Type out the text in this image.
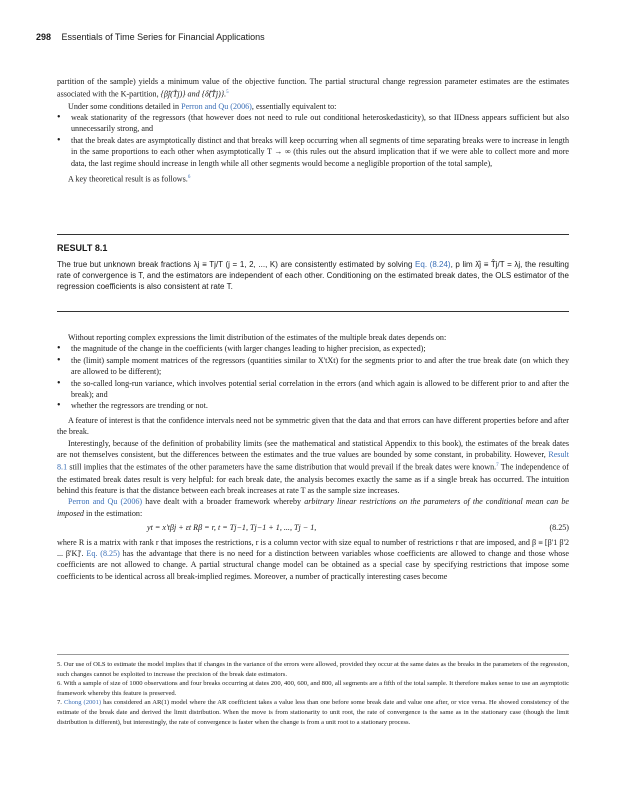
298 Essentials of Time Series for Financial Applications

partition of the sample) yields a minimum value of the objective function. The partial structural change regression parameter estimates are the estimates associated with the K-partition, {β̂j(T̂j)} and {δ̂(T̂j)}.$^5$

Under some conditions detailed in Perron and Qu (2006), essentially equivalent to:

• weak stationarity of the regressors (that however does not need to rule out conditional heteroskedasticity), so that IIDness appears sufficient but also unnecessarily strong, and

• that the break dates are asymptotically distinct and that breaks will keep occurring when all segments of time separating breaks were to increase in length in the same proportions to each other when asymptotically T → ∞ (this rules out the absurd implication that if we were able to collect more and more data, the last regime should increase in length while all other segments would become a negligible proportion of the total sample),

A key theoretical result is as follows.$^6$

RESULT 8.1
The true but unknown break fractions λj ≡ Tj/T (j = 1, 2, ..., K) are consistently estimated by solving Eq. (8.24), p lim λ̂j ≡ T̂j/T = λj, the resulting rate of convergence is T, and the estimators are independent of each other. Conditioning on the estimated break dates, the OLS estimator of the regression coefficients is also consistent at rate T.

Without reporting complex expressions the limit distribution of the estimates of the multiple break dates depends on:

• the magnitude of the change in the coefficients (with larger changes leading to higher precision, as expected);

• the (limit) sample moment matrices of the regressors (quantities similar to X'tXt) for the segments prior to and after the true break date (on which they are allowed to be different);

• the so-called long-run variance, which involves potential serial correlation in the errors (and which again is allowed to be different prior to and after the break); and

• whether the regressors are trending or not.

A feature of interest is that the confidence intervals need not be symmetric given that the data and that errors can have different properties before and after the break.

Interestingly, because of the definition of probability limits (see the mathematical and statistical Appendix to this book), the estimates of the break dates are not themselves consistent, but the differences between the estimates and the true values are bounded by some constant, in probability. However, Result 8.1 still implies that the estimates of the other parameters have the same distribution that would prevail if the break dates were known.$^7$ The independence of the estimated break dates result is very helpful: for each break date, the analysis becomes exactly the same as if a single break has occurred. The intuition behind this feature is that the distance between each break increases at rate T as the sample size increases.

Perron and Qu (2006) have dealt with a broader framework whereby arbitrary linear restrictions on the parameters of the conditional mean can be imposed in the estimation:

yt = x'tβj + εt Rβ = r, t = Tj−1, Tj−1 + 1, ..., Tj − 1,	(8.25)

where R is a matrix with rank r that imposes the restrictions, r is a column vector with size equal to number of restrictions r that are imposed, and β ≡ [β'1 β'2 ... β'K]'. Eq. (8.25) has the advantage that there is no need for a distinction between variables whose coefficients are allowed to change and those whose coefficients are not allowed to change. A partial structural change model can be obtained as a special case by specifying restrictions that impose some coefficients to be identical across all break-implied regimes. Moreover, a number of practically interesting cases become

5. Our use of OLS to estimate the model implies that if changes in the variance of the errors were allowed, provided they occur at the same dates as the breaks in the parameters of the regression, such changes cannot be exploited to increase the precision of the break date estimators.

6. With a sample of size of 1000 observations and four breaks occurring at dates 200, 400, 600, and 800, all segments are a fifth of the total sample. It therefore makes sense to use an asymptotic framework whereby this feature is preserved.

7. Chong (2001) has considered an AR(1) model where the AR coefficient takes a value less than one before some break date and value one after, or vice versa. He showed consistency of the estimate of the break date and derived the limit distribution. When the move is from stationarity to unit root, the rate of convergence is the same as in the stationary case (though the limit distribution is different), but interestingly, the rate of convergence is faster when the change is from a unit root to a stationary process.
